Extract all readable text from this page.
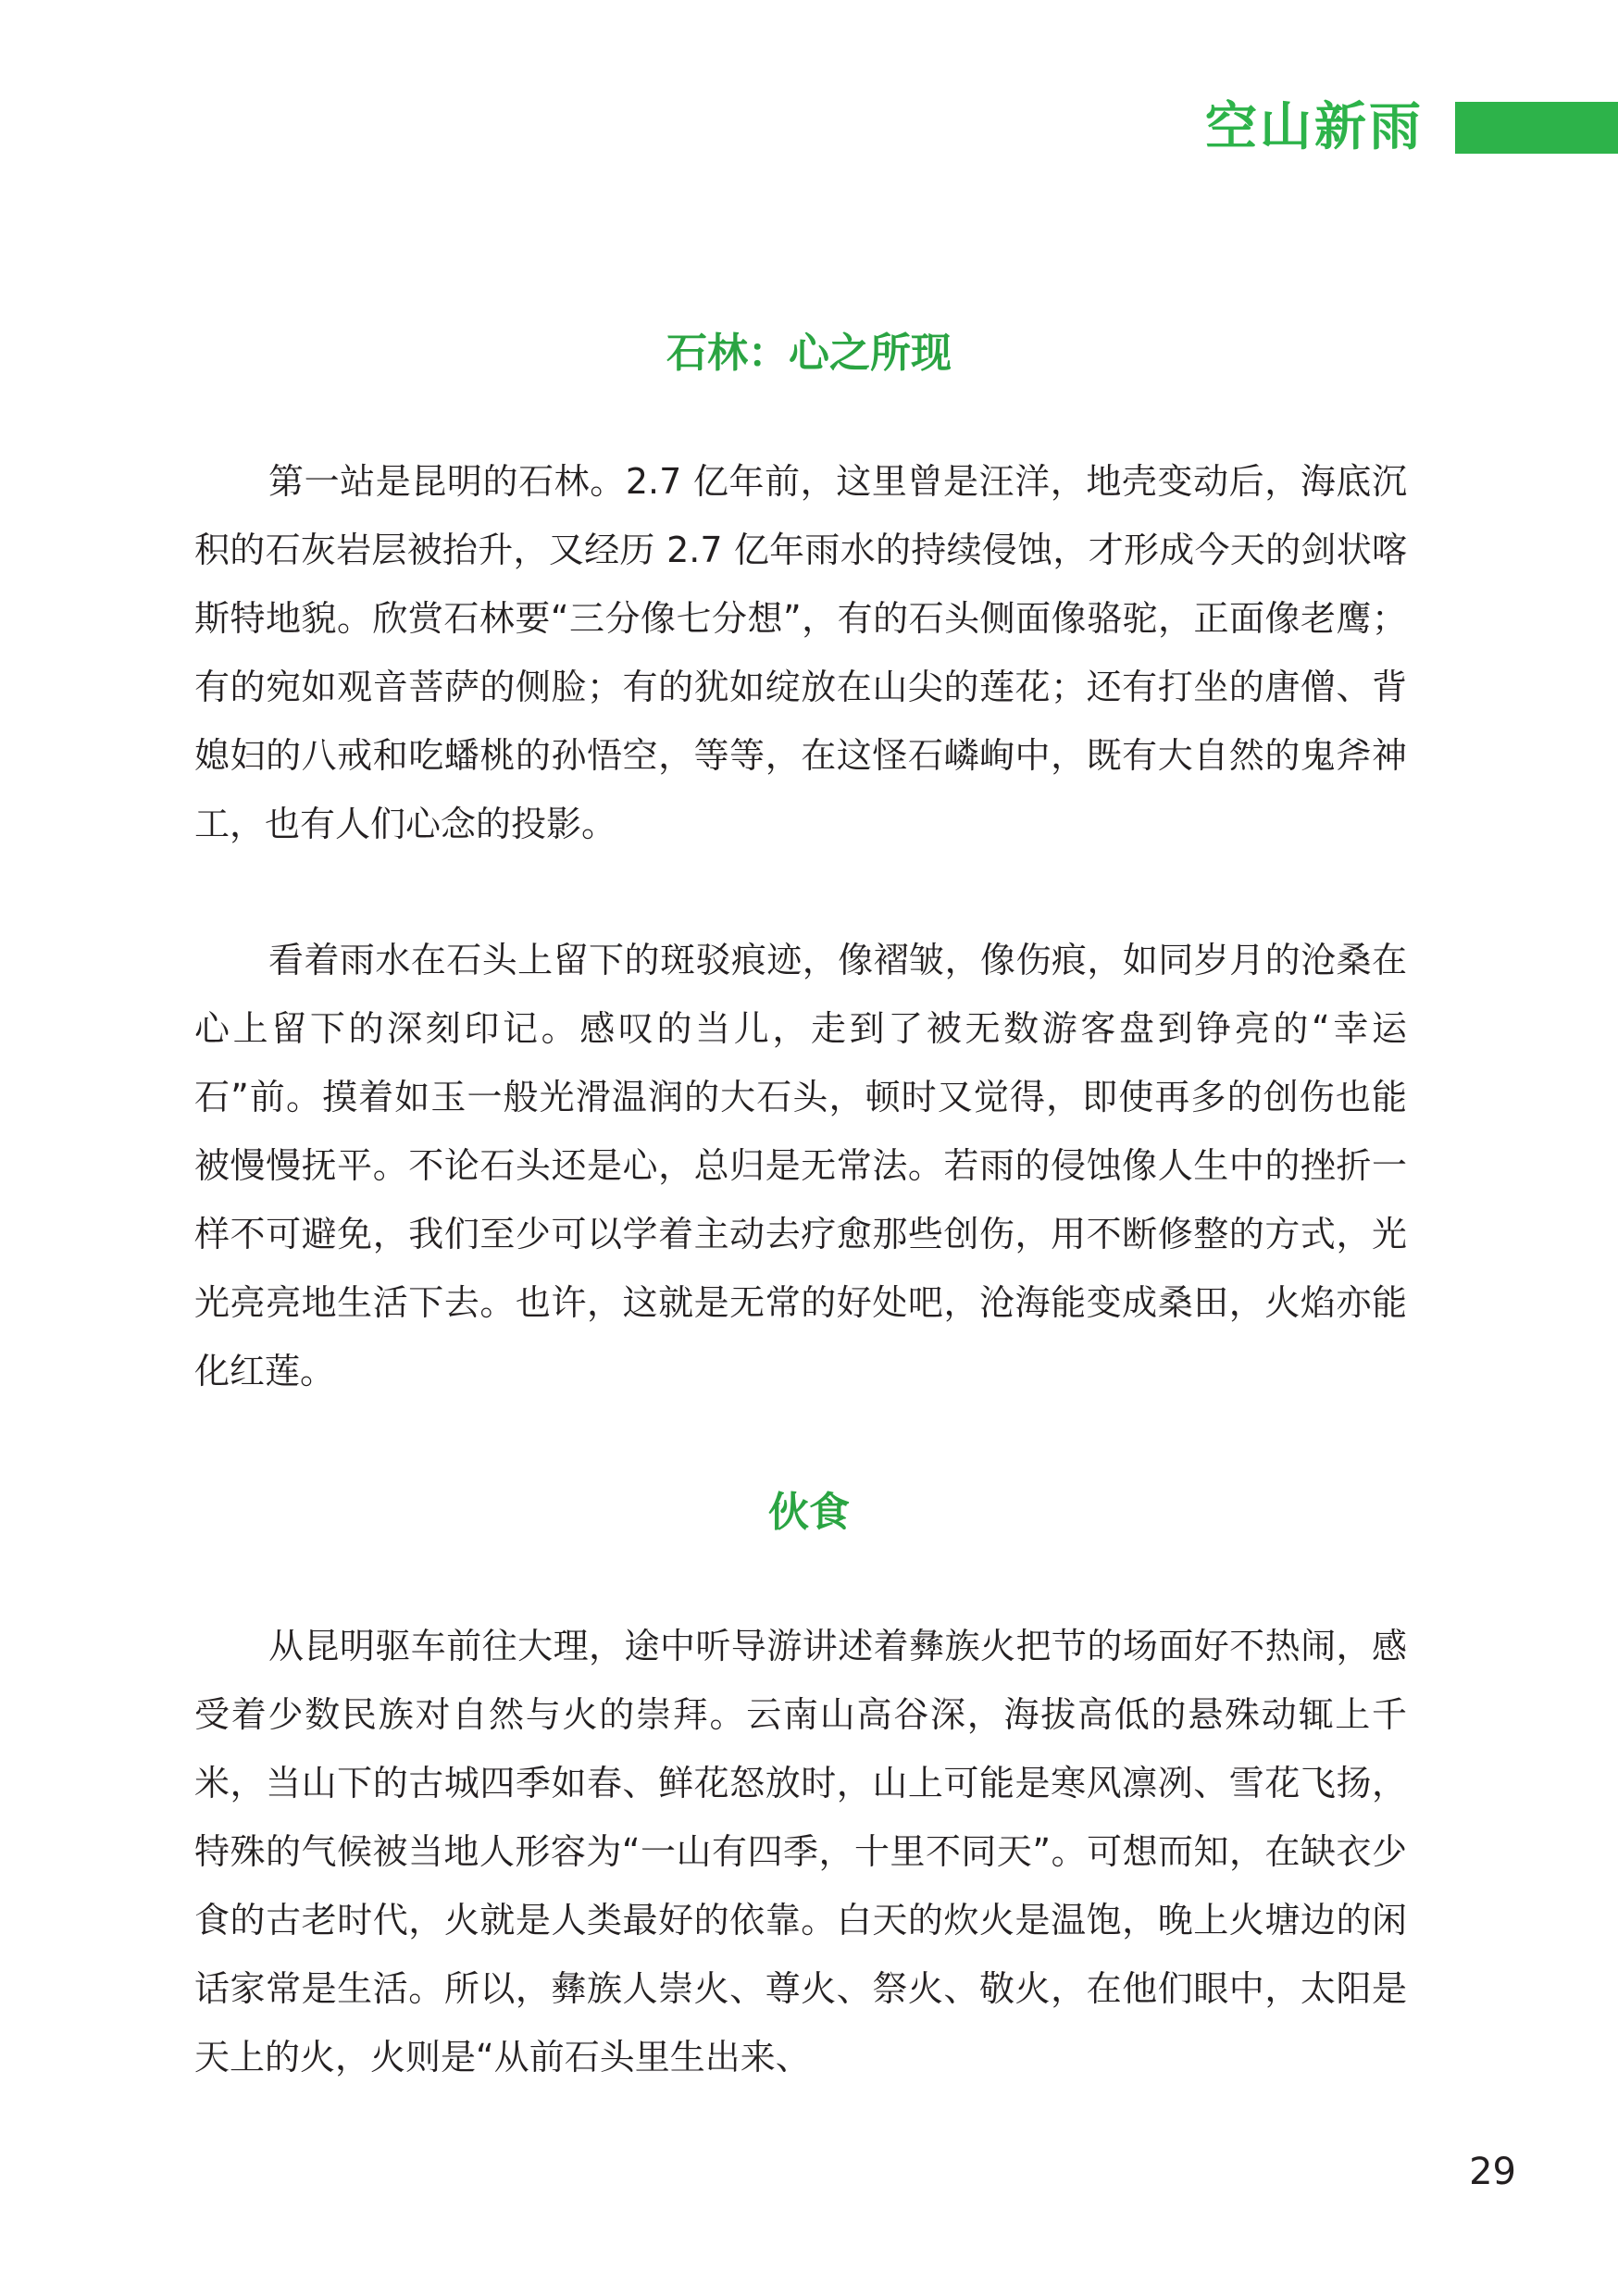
空山新雨
石林：心之所现

第一站是昆明的石林。2.7 亿年前，这里曾是汪洋，地壳变动后，海底沉积的石灰岩层被抬升，又经历 2.7 亿年雨水的持续侵蚀，才形成今天的剑状喀斯特地貌。欣赏石林要“三分像七分想”，有的石头侧面像骆驼，正面像老鹰；有的宛如观音菩萨的侧脸；有的犹如绽放在山尖的莲花；还有打坐的唐僧、背媳妇的八戒和吃蟠桃的孙悟空，等等，在这怪石嶙峋中，既有大自然的鬼斧神工，也有人们心念的投影。

看着雨水在石头上留下的斑驳痕迹，像褶皱，像伤痕，如同岁月的沧桑在心上留下的深刻印记。感叹的当儿，走到了被无数游客盘到铮亮的“幸运石”前。摸着如玉一般光滑温润的大石头，顿时又觉得，即使再多的创伤也能被慢慢抚平。不论石头还是心，总归是无常法。若雨的侵蚀像人生中的挫折一样不可避免，我们至少可以学着主动去疗愈那些创伤，用不断修整的方式，光光亮亮地生活下去。也许，这就是无常的好处吧，沧海能变成桑田，火焰亦能化红莲。

伙食

从昆明驱车前往大理，途中听导游讲述着彝族火把节的场面好不热闹，感受着少数民族对自然与火的崇拜。云南山高谷深，海拔高低的悬殊动辄上千米，当山下的古城四季如春、鲜花怒放时，山上可能是寒风凛冽、雪花飞扬，特殊的气候被当地人形容为“一山有四季，十里不同天”。可想而知，在缺衣少食的古老时代，火就是人类最好的依靠。白天的炊火是温饱，晚上火塘边的闲话家常是生活。所以，彝族人崇火、尊火、祭火、敬火，在他们眼中，太阳是天上的火，火则是“从前石头里生出来、

29
